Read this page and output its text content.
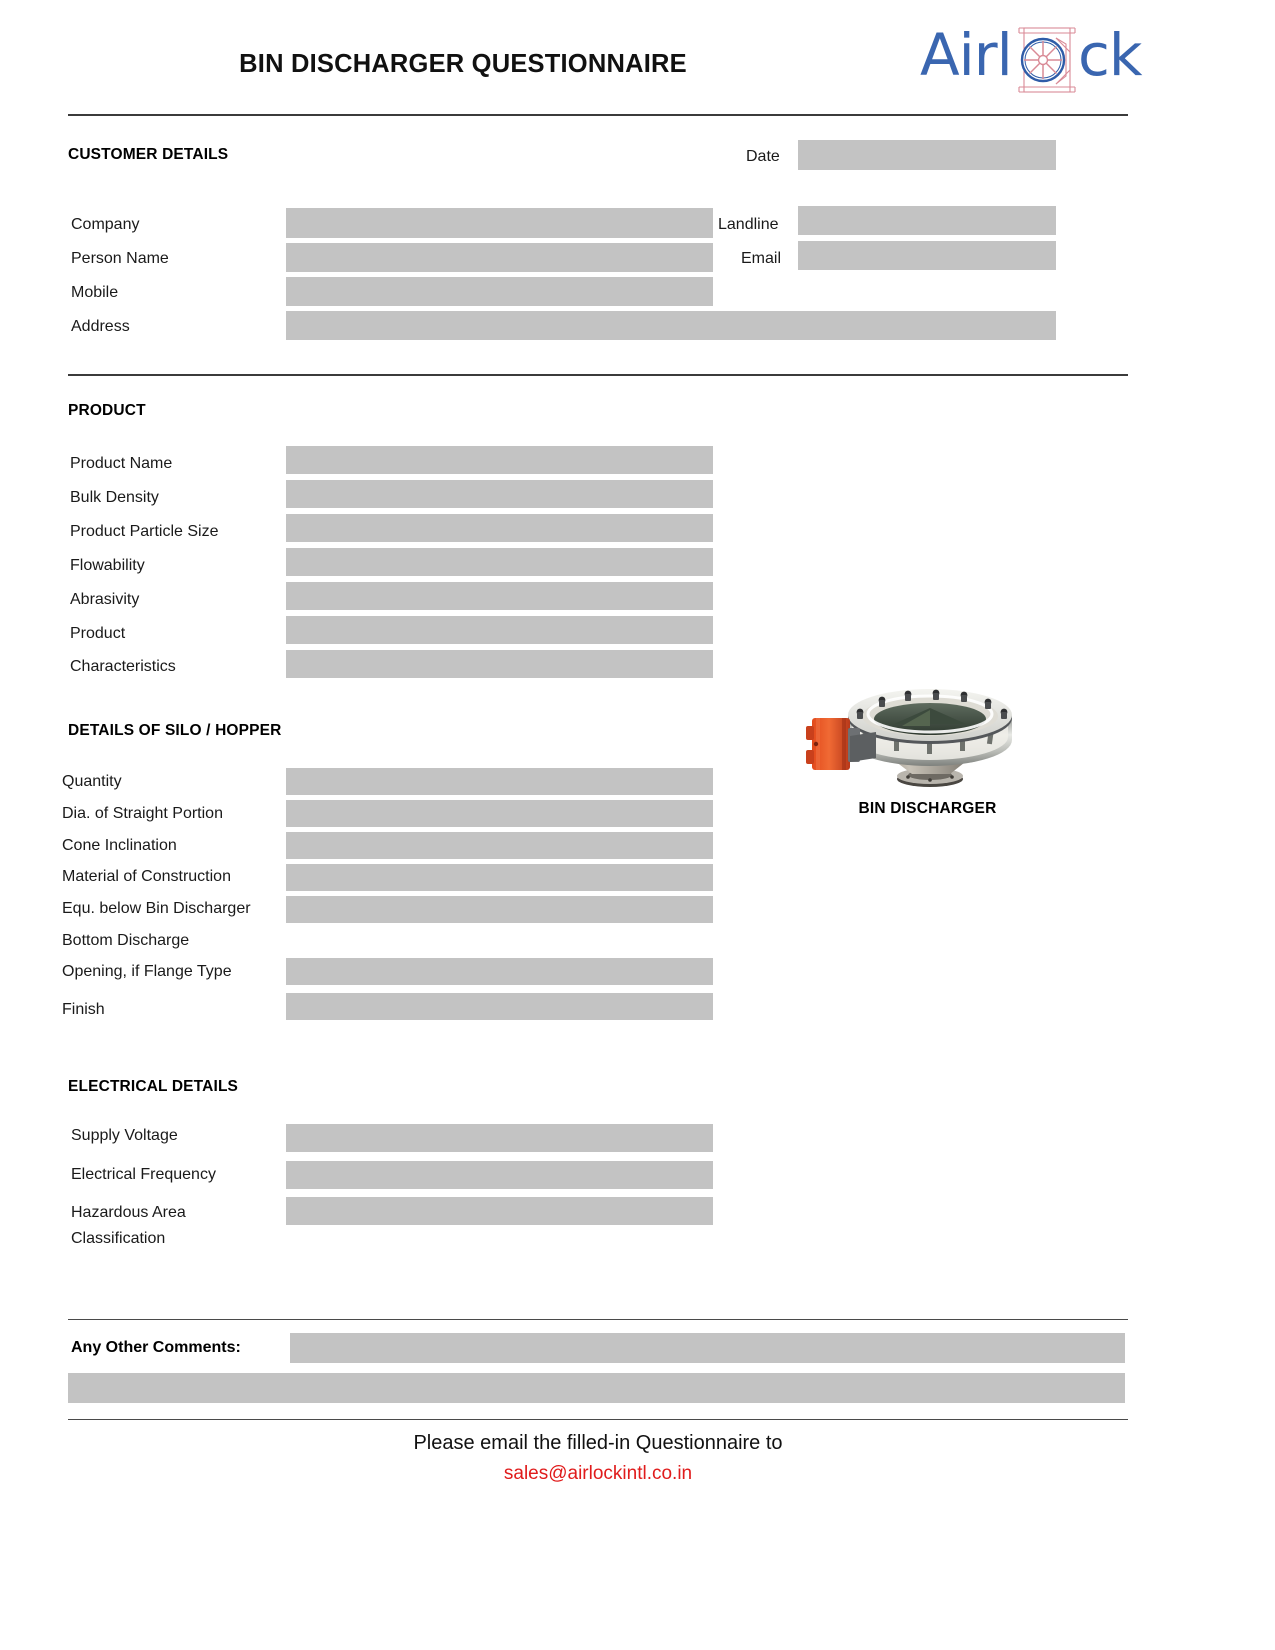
BIN DISCHARGER QUESTIONNAIRE	Airl ck
CUSTOMER DETAILS	Date
Company
Person Name
Mobile
Address
Landline
Email
PRODUCT
Product Name
Bulk Density
Product Particle Size
Flowability
Abrasivity
Product
Characteristics
BIN DISCHARGER
DETAILS OF SILO / HOPPER
Quantity
Dia. of Straight Portion
Cone Inclination
Material of Construction
Equ. below Bin Discharger
Bottom Discharge
Opening, if Flange Type
Finish
ELECTRICAL DETAILS
Supply Voltage
Electrical Frequency
Hazardous Area
Classification
Any Other Comments:
Please email the filled-in Questionnaire to
sales@airlockintl.co.in
